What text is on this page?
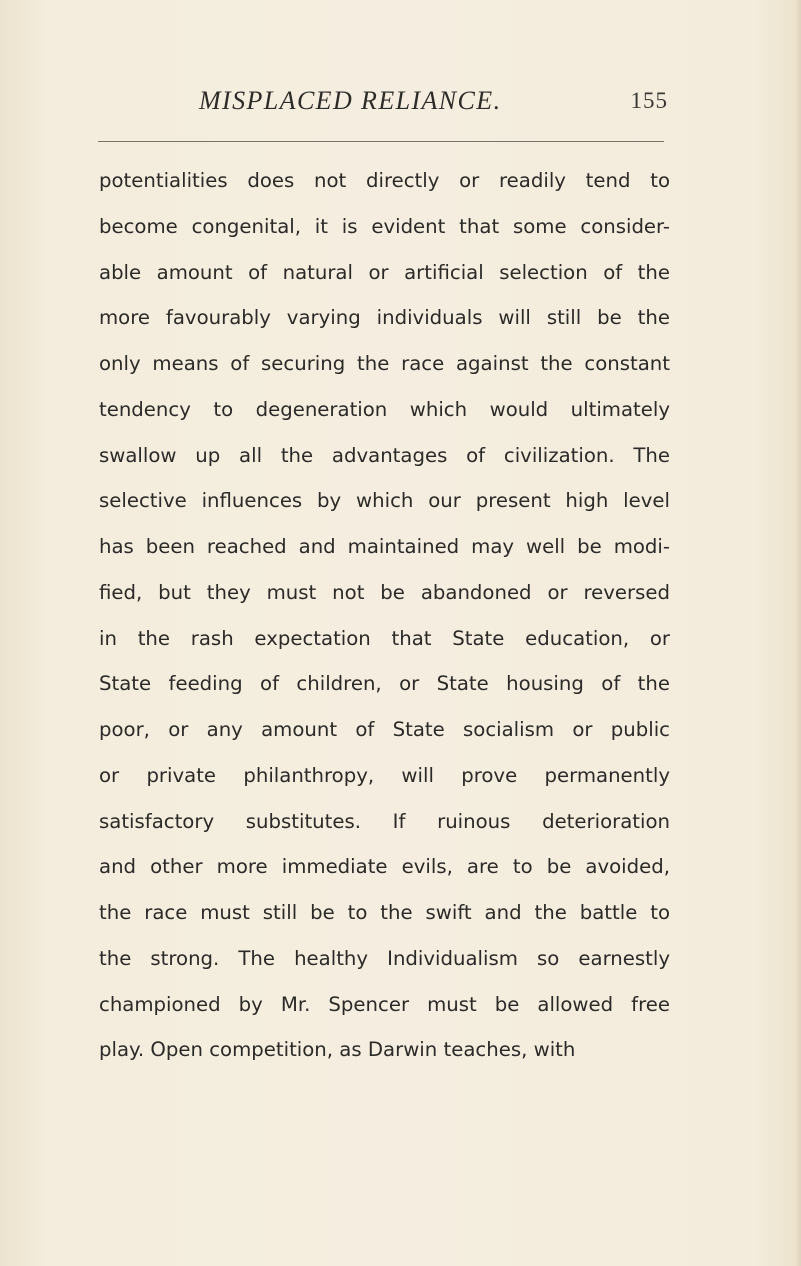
MISPLACED RELIANCE.	155
potentialities does not directly or readily tend to
become congenital, it is evident that some consider-
able amount of natural or artificial selection of the
more favourably varying individuals will still be the
only means of securing the race against the constant
tendency to degeneration which would ultimately
swallow up all the advantages of civilization. The
selective influences by which our present high level
has been reached and maintained may well be modi-
fied, but they must not be abandoned or reversed
in the rash expectation that State education, or
State feeding of children, or State housing of the
poor, or any amount of State socialism or public
or private philanthropy, will prove permanently
satisfactory substitutes. If ruinous deterioration
and other more immediate evils, are to be avoided,
the race must still be to the swift and the battle to
the strong. The healthy Individualism so earnestly
championed by Mr. Spencer must be allowed free
play. Open competition, as Darwin teaches, with
